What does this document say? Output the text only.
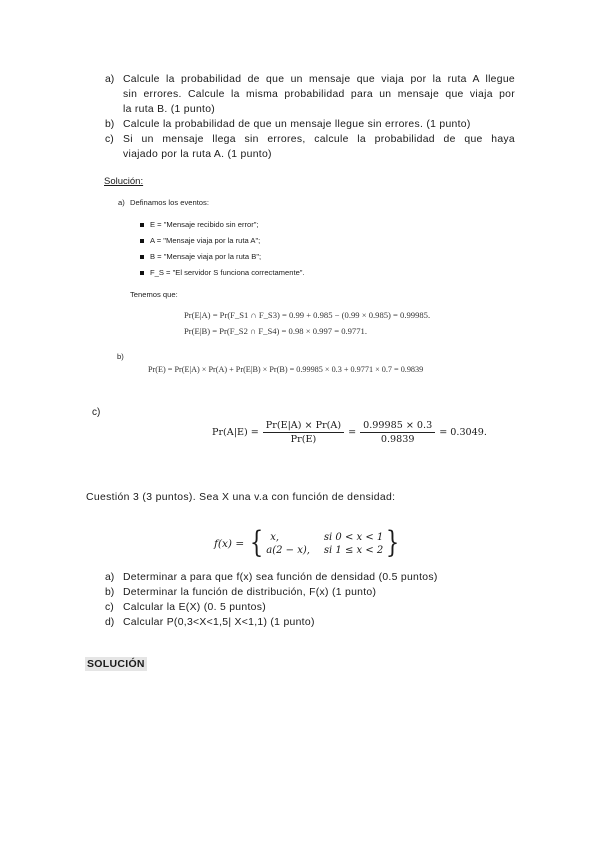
a) Calcule la probabilidad de que un mensaje que viaja por la ruta A llegue
sin errores. Calcule la misma probabilidad para un mensaje que viaja por
la ruta B. (1 punto)
b) Calcule la probabilidad de que un mensaje llegue sin errores. (1 punto)
c) Si un mensaje llega sin errores, calcule la probabilidad de que haya
viajado por la ruta A. (1 punto)
Solución:
a) Definamos los eventos:
E = "Mensaje recibido sin error";
A = "Mensaje viaja por la ruta A";
B = "Mensaje viaja por la ruta B";
F_S = "El servidor S funciona correctamente".
Tenemos que:
Pr(E|A) = Pr(F_S1 ∩ F_S3) = 0.99 + 0.985 − (0.99 × 0.985) = 0.99985.
Pr(E|B) = Pr(F_S2 ∩ F_S4) = 0.98 × 0.997 = 0.9771.
b)
Pr(E) = Pr(E|A) × Pr(A) + Pr(E|B) × Pr(B) = 0.99985 × 0.3 + 0.9771 × 0.7 = 0.9839
c)
$Pr(A|E) = \frac{Pr(E|A) \times Pr(A)}{Pr(E)} = \frac{0.99985 \times 0.3}{0.9839} = 0.3049$.
Cuestión 3 (3 puntos). Sea X una v.a con función de densidad:
f(x) = { x,	si 0 < x < 1
a(2 − x), si 1 ≤ x < 2 }
a) Determinar a para que f(x) sea función de densidad (0.5 puntos)
b) Determinar la función de distribución, F(x) (1 punto)
c) Calcular la E(X) (0. 5 puntos)
d) Calcular P(0,3<X<1,5| X<1,1) (1 punto)
SOLUCIÓN
